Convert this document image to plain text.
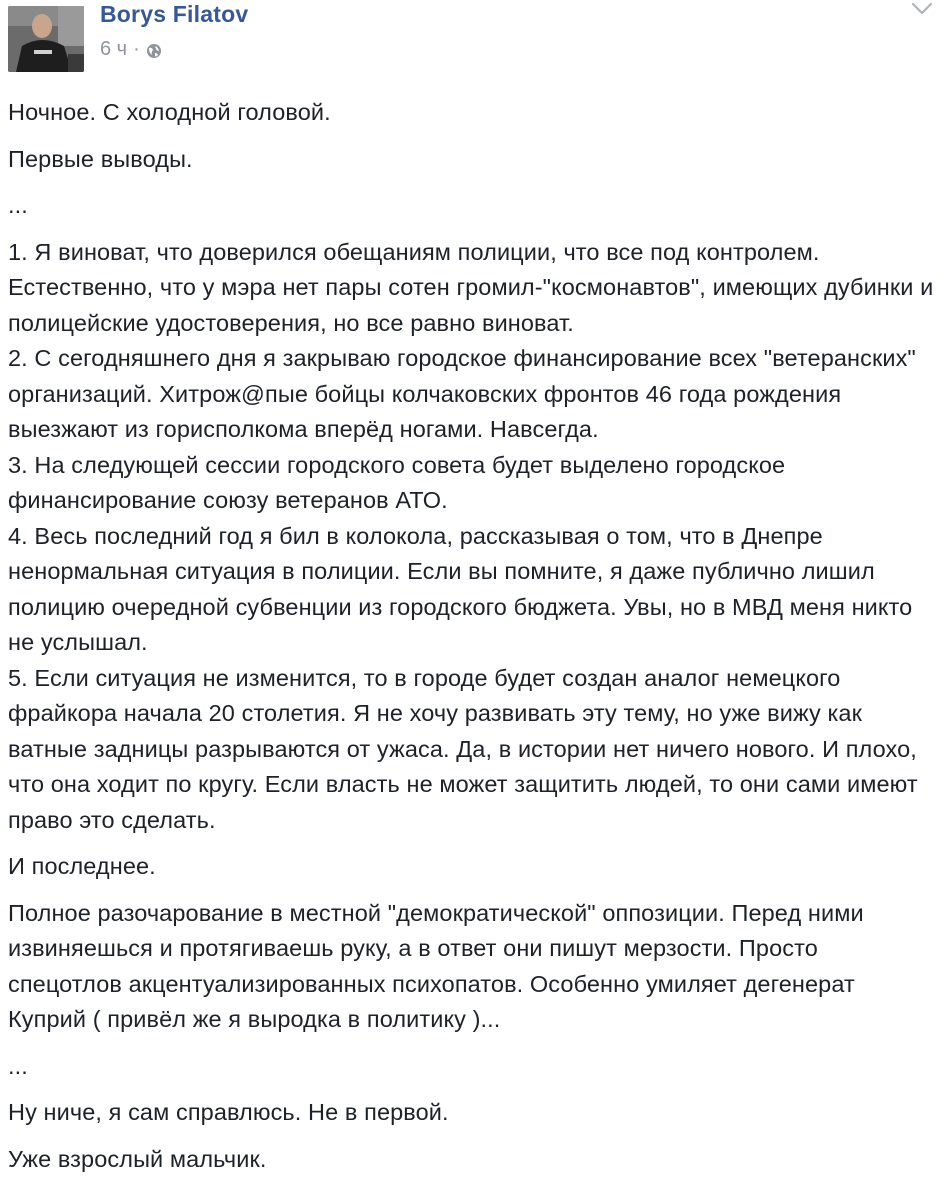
Borys Filatov
6 ч ·

Ночное. С холодной головой.

Первые выводы.

...

1. Я виноват, что доверился обещаниям полиции, что все под контролем. Естественно, что у мэра нет пары сотен громил-"космонавтов", имеющих дубинки и полицейские удостоверения, но все равно виноват.
2. С сегодняшнего дня я закрываю городское финансирование всех "ветеранских" организаций. Хитрож@пые бойцы колчаковских фронтов 46 года рождения выезжают из горисполкома вперёд ногами. Навсегда.
3. На следующей сессии городского совета будет выделено городское финансирование союзу ветеранов АТО.
4. Весь последний год я бил в колокола, рассказывая о том, что в Днепре ненормальная ситуация в полиции. Если вы помните, я даже публично лишил полицию очередной субвенции из городского бюджета. Увы, но в МВД меня никто не услышал.
5. Если ситуация не изменится, то в городе будет создан аналог немецкого фрайкора начала 20 столетия. Я не хочу развивать эту тему, но уже вижу как ватные задницы разрываются от ужаса. Да, в истории нет ничего нового. И плохо, что она ходит по кругу. Если власть не может защитить людей, то они сами имеют право это сделать.

И последнее.

Полное разочарование в местной "демократической" оппозиции. Перед ними извиняешься и протягиваешь руку, а в ответ они пишут мерзости. Просто спецотлов акцентуализированных психопатов. Особенно умиляет дегенерат Куприй ( привёл же я выродка в политику )...

...

Ну ниче, я сам справлюсь. Не в первой.

Уже взрослый мальчик.
